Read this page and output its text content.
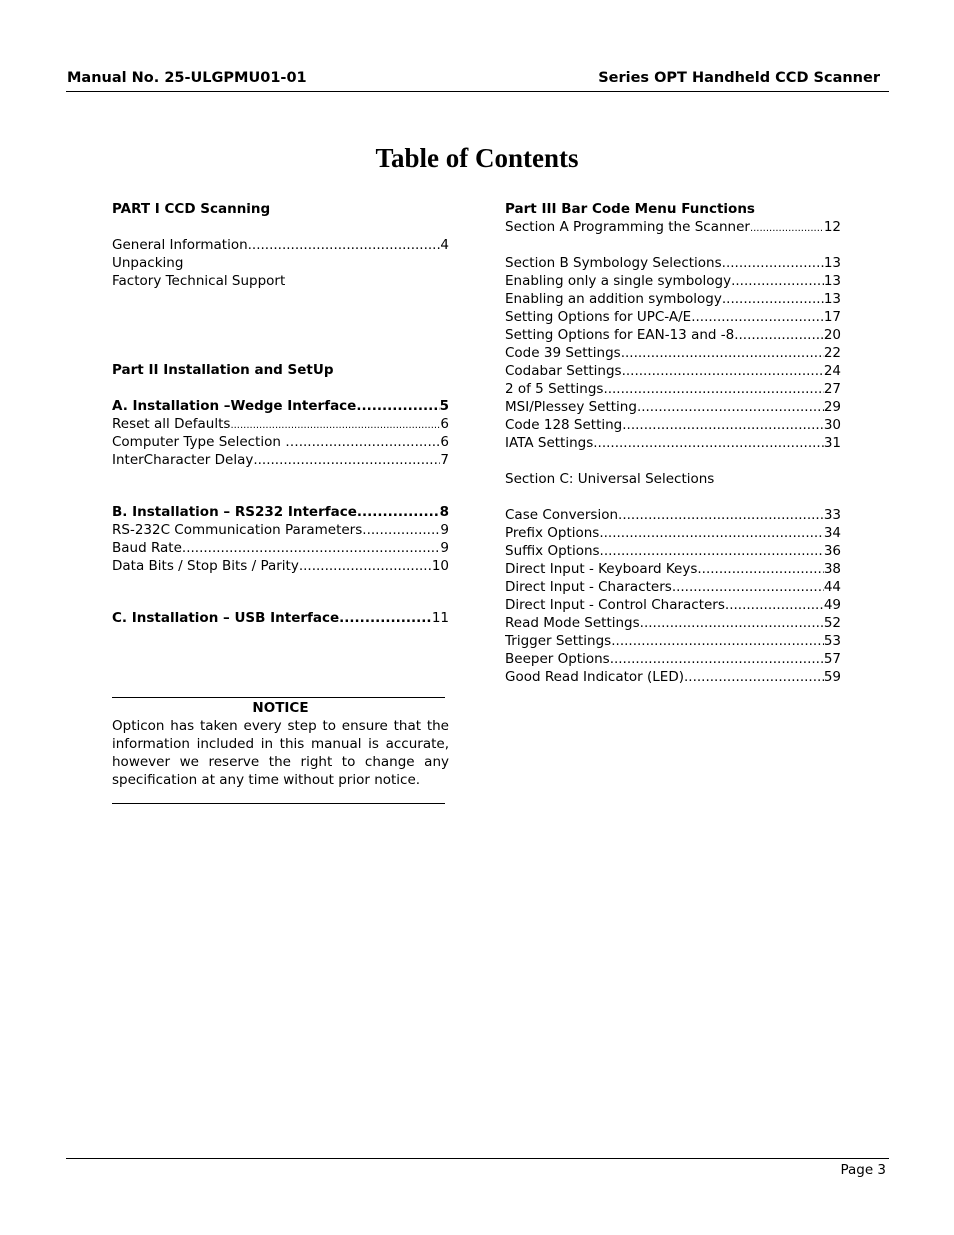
Manual No. 25-ULGPMU01-01	Series OPT Handheld CCD Scanner
Table of Contents
PART I CCD Scanning
General Information .....	4
Unpacking
Factory Technical Support
Part II Installation and SetUp
A. Installation –Wedge Interface .....	5
Reset all Defaults .....	6
Computer Type Selection … .....	6
InterCharacter Delay .....	7
B. Installation – RS232 Interface .....	8
RS-232C Communication Parameters .....	9
Baud Rate .....	9
Data Bits / Stop Bits / Parity .....	10
C. Installation – USB Interface .....	11
NOTICE
Opticon has taken every step to ensure that the information included in this manual is accurate, however we reserve the right to change any specification at any time without prior notice.
Part III Bar Code Menu Functions
Section A Programming the Scanner .....	12
Section B Symbology Selections .....	13
Enabling only a single symbology .....	13
Enabling an addition symbology .....	13
Setting Options for UPC-A/E .....	17
Setting Options for EAN-13 and -8 .....	20
Code 39 Settings .....	22
Codabar Settings .....	24
2 of 5 Settings .....	27
MSI/Plessey Setting .....	29
Code 128 Setting .....	30
IATA Settings .....	31
Section C: Universal Selections
Case Conversion .....	33
Prefix Options .....	34
Suffix Options .....	36
Direct Input - Keyboard Keys .....	38
Direct Input - Characters .....	44
Direct Input - Control Characters .....	49
Read Mode Settings .....	52
Trigger Settings .....	53
Beeper Options .....	57
Good Read Indicator (LED) .....	59
Page 3
